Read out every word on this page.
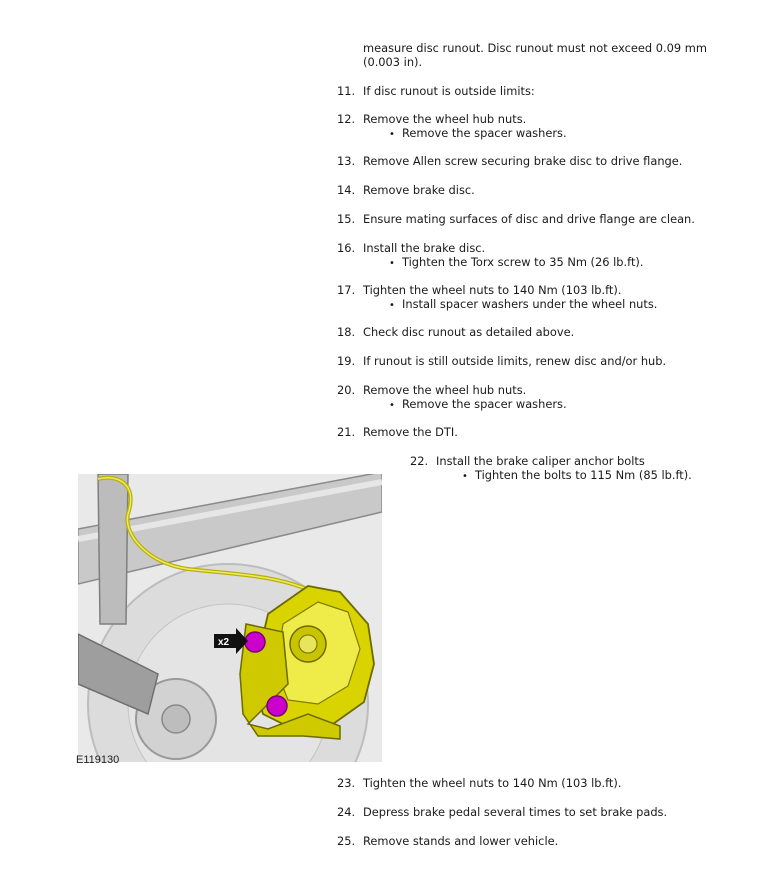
measure disc runout. Disc runout must not exceed 0.09 mm
(0.003 in).
11. If disc runout is outside limits:
12. Remove the wheel hub nuts.
• Remove the spacer washers.
13. Remove Allen screw securing brake disc to drive flange.
14. Remove brake disc.
15. Ensure mating surfaces of disc and drive flange are clean.
16. Install the brake disc.
• Tighten the Torx screw to 35 Nm (26 lb.ft).
17. Tighten the wheel nuts to 140 Nm (103 lb.ft).
• Install spacer washers under the wheel nuts.
18. Check disc runout as detailed above.
19. If runout is still outside limits, renew disc and/or hub.
20. Remove the wheel hub nuts.
• Remove the spacer washers.
21. Remove the DTI.
22. Install the brake caliper anchor bolts
• Tighten the bolts to 115 Nm (85 lb.ft).
23. Tighten the wheel nuts to 140 Nm (103 lb.ft).
24. Depress brake pedal several times to set brake pads.
25. Remove stands and lower vehicle.
x2
E119130
